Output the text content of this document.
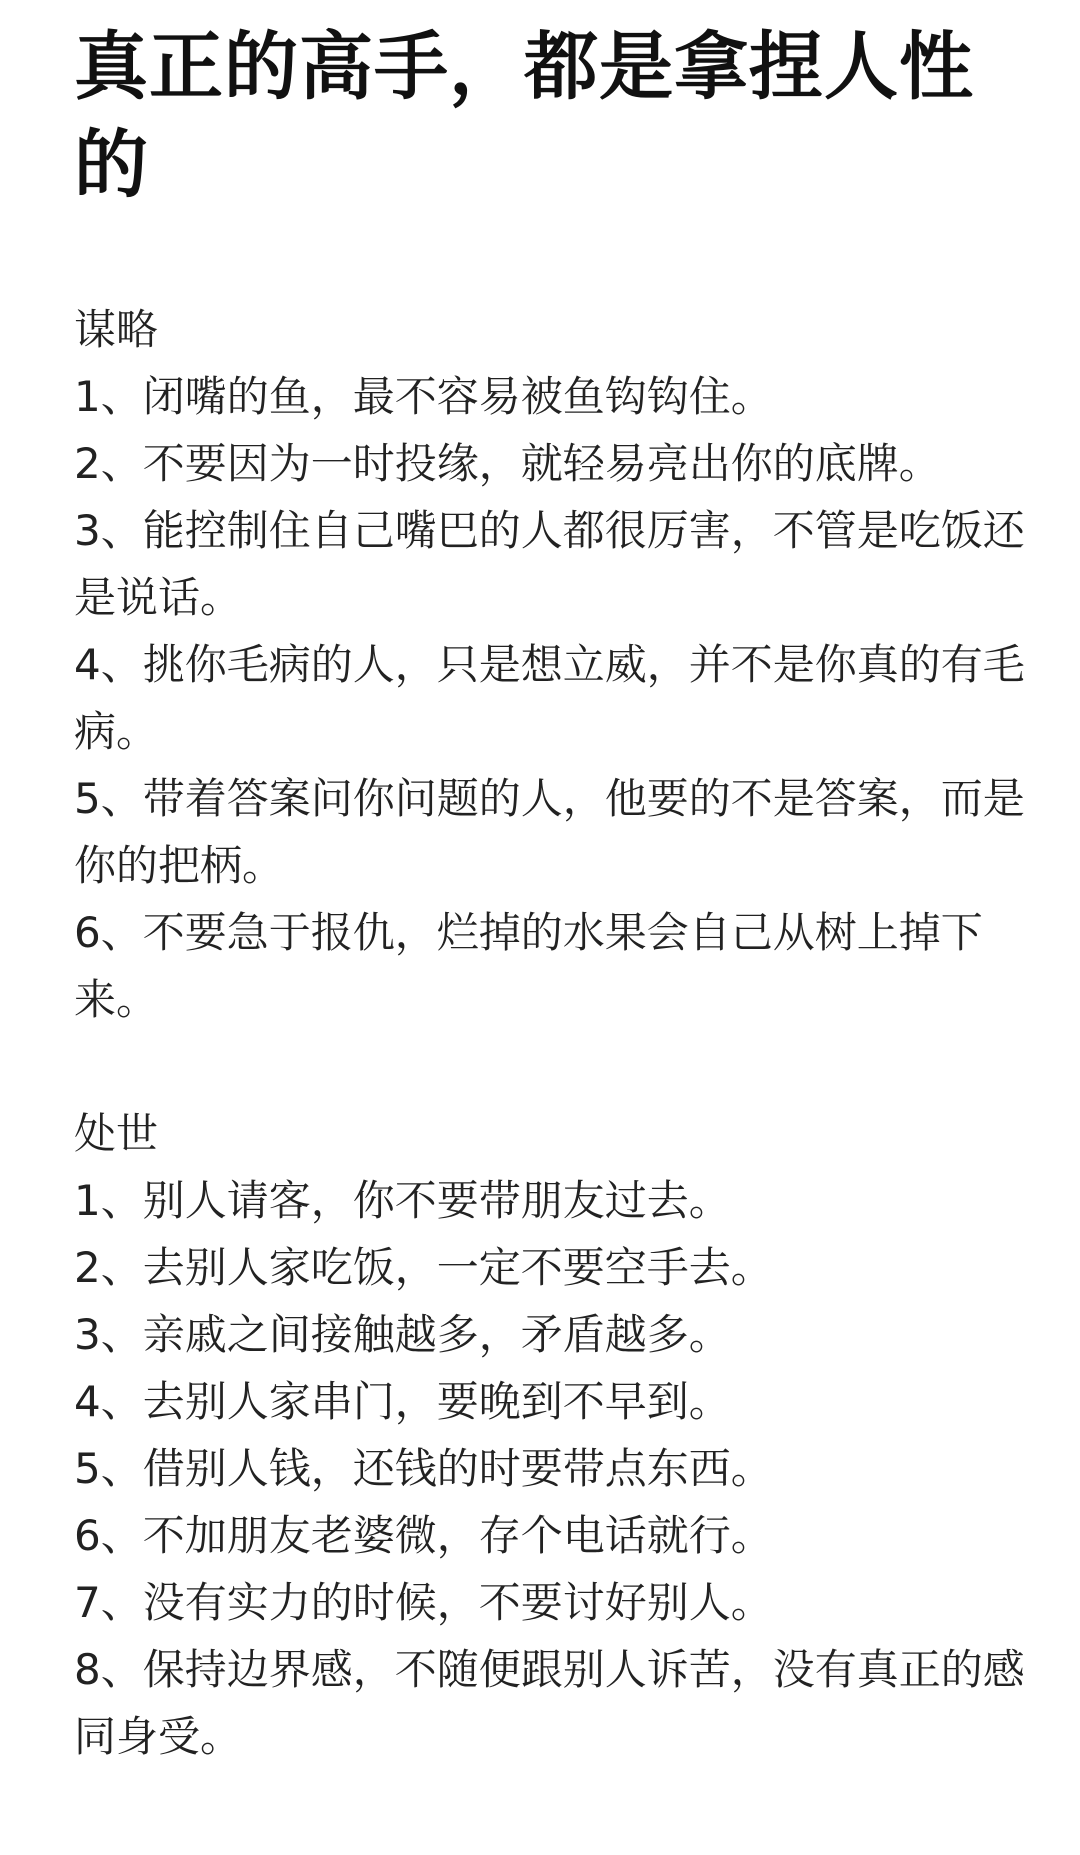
真正的高手，都是拿捏人性的

谋略

1、闭嘴的鱼，最不容易被鱼钩钩住。
2、不要因为一时投缘，就轻易亮出你的底牌。
3、能控制住自己嘴巴的人都很厉害，不管是吃饭还是说话。
4、挑你毛病的人，只是想立威，并不是你真的有毛病。
5、带着答案问你问题的人，他要的不是答案，而是你的把柄。
6、不要急于报仇，烂掉的水果会自己从树上掉下来。

处世

1、别人请客，你不要带朋友过去。
2、去别人家吃饭，一定不要空手去。
3、亲戚之间接触越多，矛盾越多。
4、去别人家串门，要晚到不早到。
5、借别人钱，还钱的时要带点东西。
6、不加朋友老婆微，存个电话就行。
7、没有实力的时候，不要讨好别人。
8、保持边界感，不随便跟别人诉苦，没有真正的感同身受。
